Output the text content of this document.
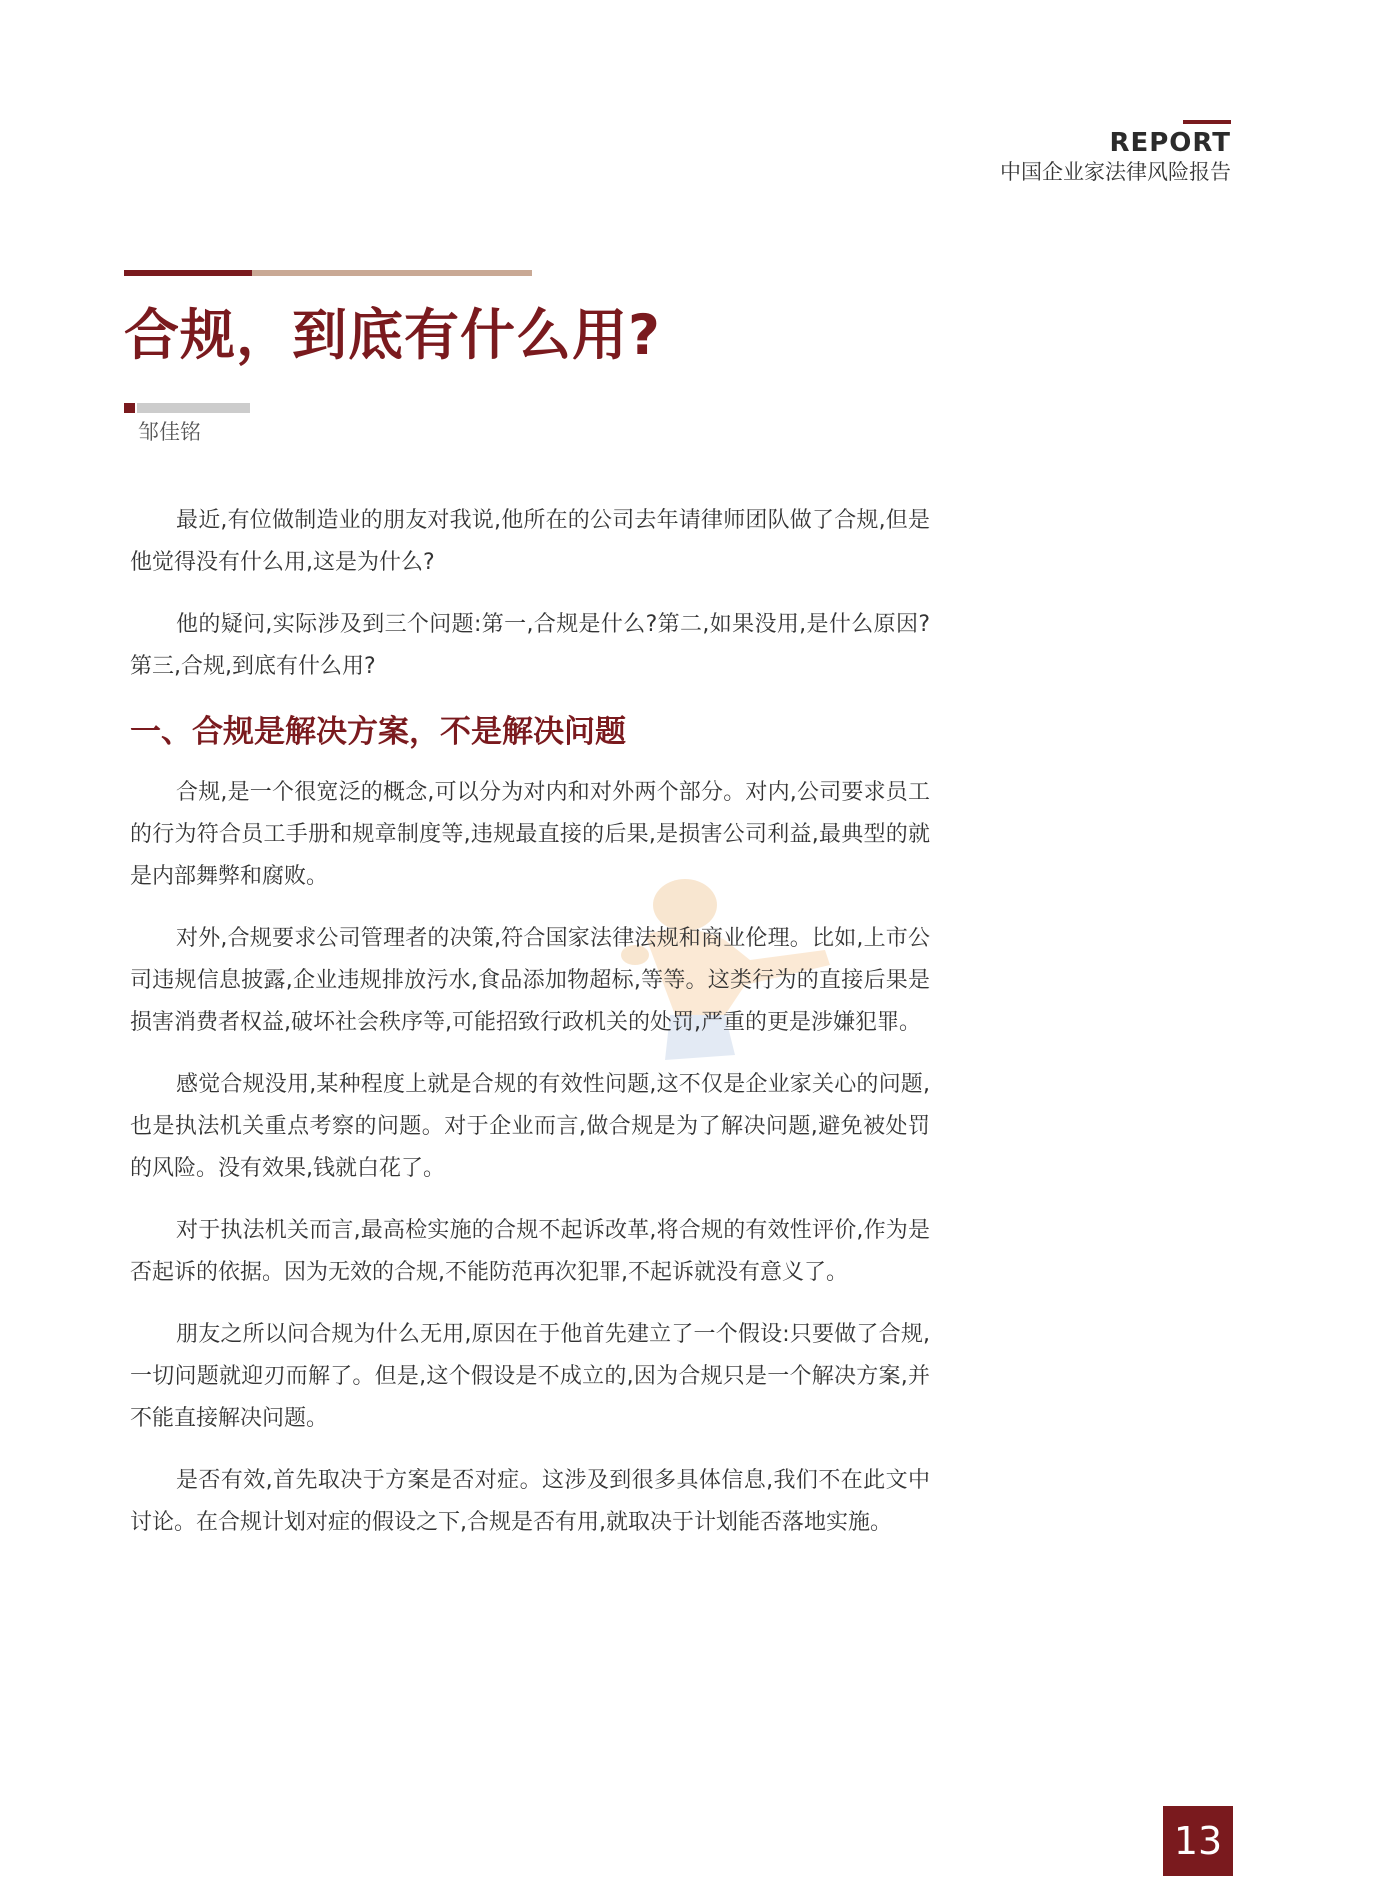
REPORT
中国企业家法律风险报告
合规，到底有什么用?
邹佳铭

最近,有位做制造业的朋友对我说,他所在的公司去年请律师团队做了合规,但是他觉得没有什么用,这是为什么?

他的疑问,实际涉及到三个问题:第一,合规是什么?第二,如果没用,是什么原因?第三,合规,到底有什么用?

一、合规是解决方案，不是解决问题

合规,是一个很宽泛的概念,可以分为对内和对外两个部分。对内,公司要求员工的行为符合员工手册和规章制度等,违规最直接的后果,是损害公司利益,最典型的就是内部舞弊和腐败。

对外,合规要求公司管理者的决策,符合国家法律法规和商业伦理。比如,上市公司违规信息披露,企业违规排放污水,食品添加物超标,等等。这类行为的直接后果是损害消费者权益,破坏社会秩序等,可能招致行政机关的处罚,严重的更是涉嫌犯罪。

感觉合规没用,某种程度上就是合规的有效性问题,这不仅是企业家关心的问题,也是执法机关重点考察的问题。对于企业而言,做合规是为了解决问题,避免被处罚的风险。没有效果,钱就白花了。

对于执法机关而言,最高检实施的合规不起诉改革,将合规的有效性评价,作为是否起诉的依据。因为无效的合规,不能防范再次犯罪,不起诉就没有意义了。

朋友之所以问合规为什么无用,原因在于他首先建立了一个假设:只要做了合规,一切问题就迎刃而解了。但是,这个假设是不成立的,因为合规只是一个解决方案,并不能直接解决问题。

是否有效,首先取决于方案是否对症。这涉及到很多具体信息,我们不在此文中讨论。在合规计划对症的假设之下,合规是否有用,就取决于计划能否落地实施。

13
